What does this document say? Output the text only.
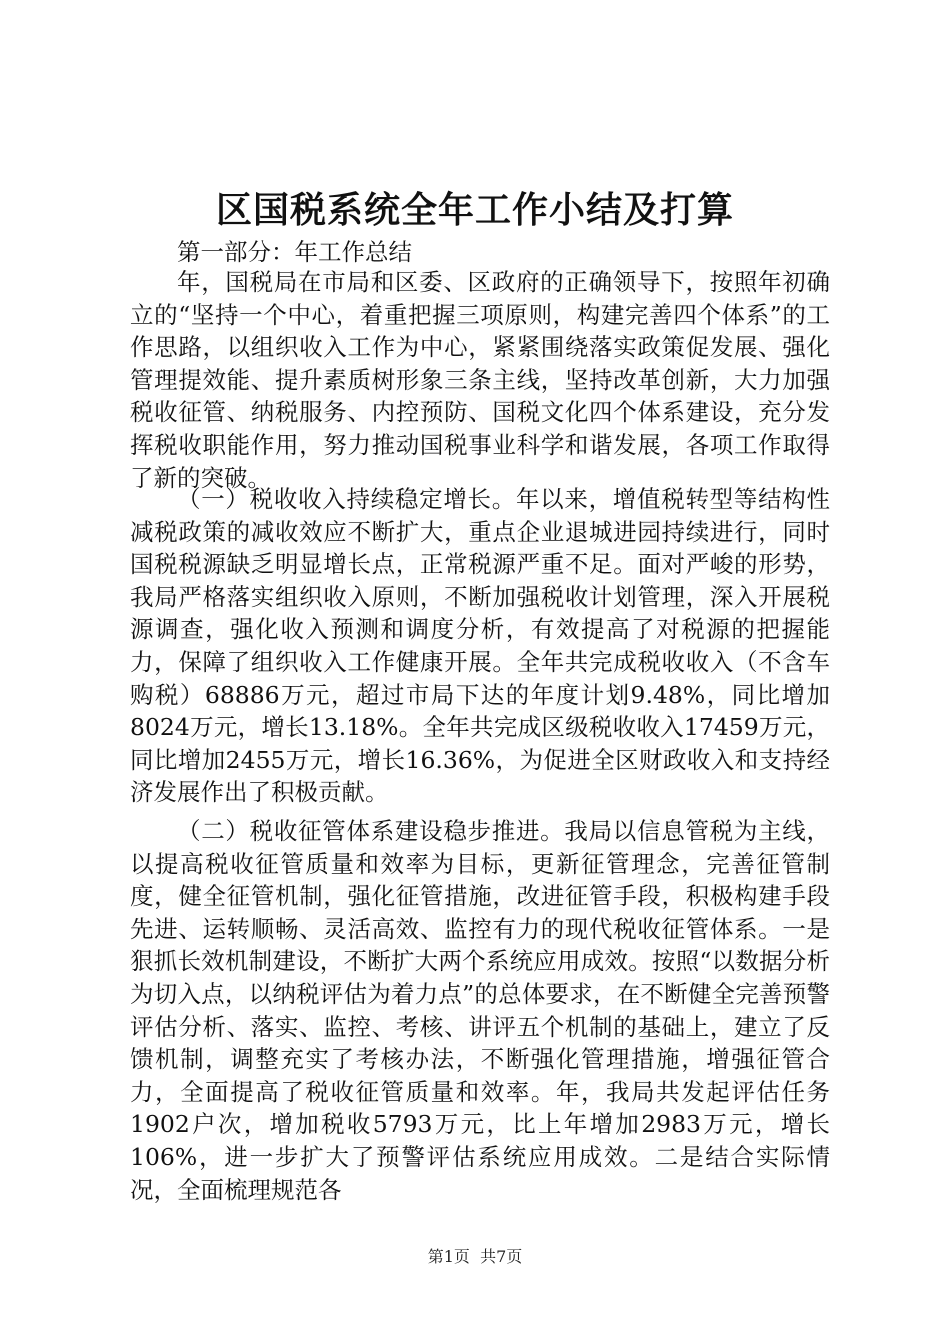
区国税系统全年工作小结及打算

第一部分：年工作总结

年，国税局在市局和区委、区政府的正确领导下，按照年初确立的“坚持一个中心，着重把握三项原则，构建完善四个体系”的工作思路，以组织收入工作为中心，紧紧围绕落实政策促发展、强化管理提效能、提升素质树形象三条主线，坚持改革创新，大力加强税收征管、纳税服务、内控预防、国税文化四个体系建设，充分发挥税收职能作用，努力推动国税事业科学和谐发展，各项工作取得了新的突破。

（一）税收收入持续稳定增长。年以来，增值税转型等结构性减税政策的减收效应不断扩大，重点企业退城进园持续进行，同时国税税源缺乏明显增长点，正常税源严重不足。面对严峻的形势，我局严格落实组织收入原则，不断加强税收计划管理，深入开展税源调查，强化收入预测和调度分析，有效提高了对税源的把握能力，保障了组织收入工作健康开展。全年共完成税收收入（不含车购税）68886万元，超过市局下达的年度计划9.48%，同比增加8024万元，增长13.18%。全年共完成区级税收收入17459万元，同比增加2455万元，增长16.36%，为促进全区财政收入和支持经济发展作出了积极贡献。

（二）税收征管体系建设稳步推进。我局以信息管税为主线，以提高税收征管质量和效率为目标，更新征管理念，完善征管制度，健全征管机制，强化征管措施，改进征管手段，积极构建手段先进、运转顺畅、灵活高效、监控有力的现代税收征管体系。一是狠抓长效机制建设，不断扩大两个系统应用成效。按照“以数据分析为切入点，以纳税评估为着力点”的总体要求，在不断健全完善预警评估分析、落实、监控、考核、讲评五个机制的基础上，建立了反馈机制，调整充实了考核办法，不断强化管理措施，增强征管合力，全面提高了税收征管质量和效率。年，我局共发起评估任务1902户次，增加税收5793万元，比上年增加2983万元，增长106%，进一步扩大了预警评估系统应用成效。二是结合实际情况，全面梳理规范各

第1页 共7页
